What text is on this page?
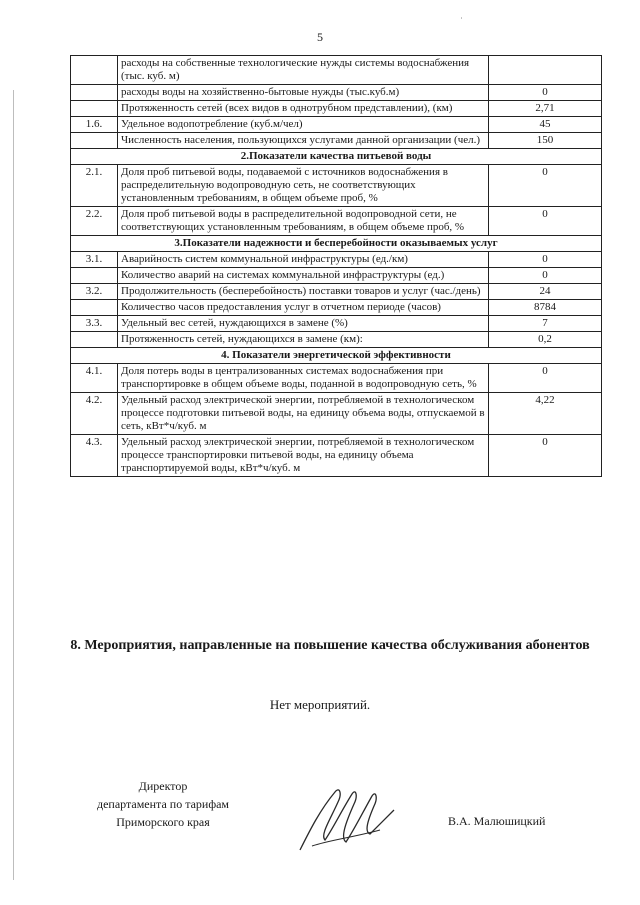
˙
5
	расходы на собственные технологические нужды системы водоснабжения (тыс. куб. м)	
	расходы воды на хозяйственно-бытовые нужды (тыс.куб.м)	0
	Протяженность сетей (всех видов в однотрубном представлении), (км)	2,71
1.6.	Удельное водопотребление (куб.м/чел)	45
	Численность населения, пользующихся услугами данной организации (чел.)	150
2.Показатели качества питьевой воды		
2.1.	Доля проб питьевой воды, подаваемой с источников водоснабжения в распределительную водопроводную сеть, не соответствующих установленным требованиям, в общем объеме проб, %	0
2.2.	Доля проб питьевой воды в распределительной водопроводной сети, не соответствующих установленным требованиям, в общем объеме проб, %	0
3.Показатели надежности и бесперебойности оказываемых услуг		
3.1.	Аварийность систем коммунальной инфраструктуры (ед./км)	0
	Количество аварий на системах коммунальной инфраструктуры (ед.)	0
3.2.	Продолжительность (бесперебойность) поставки товаров и услуг (час./день)	24
	Количество часов предоставления услуг в отчетном периоде (часов)	8784
3.3.	Удельный вес сетей, нуждающихся в замене (%)	7
	Протяженность сетей, нуждающихся в замене (км):	0,2
4. Показатели энергетической эффективности		
4.1.	Доля потерь воды в централизованных системах водоснабжения при транспортировке в общем объеме воды, поданной в водопроводную сеть, %	0
4.2.	Удельный расход электрической энергии, потребляемой в технологическом процессе подготовки питьевой воды, на единицу объема воды, отпускаемой в сеть, кВт*ч/куб. м	4,22
4.3.	Удельный расход электрической энергии, потребляемой в технологическом процессе транспортировки питьевой воды, на единицу объема транспортируемой воды, кВт*ч/куб. м	0
8. Мероприятия, направленные на повышение качества обслуживания абонентов
Нет мероприятий.
Директор
департамента по тарифам
Приморского края	В.А. Малюшицкий
